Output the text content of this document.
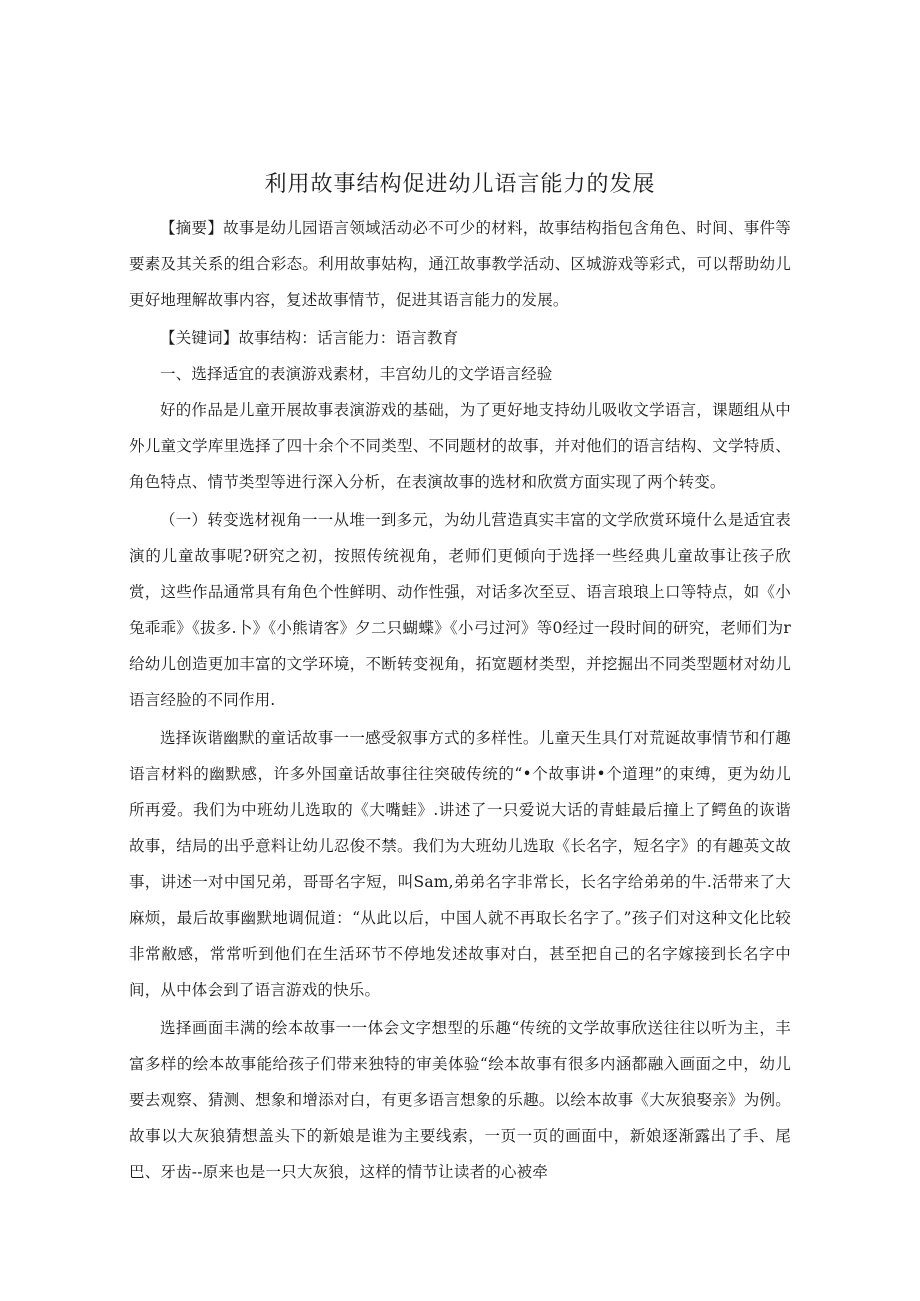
利用故事结构促进幼儿语言能力的发展

【摘要】故事是幼儿园语言领域活动必不可少的材料，故事结构指包含角色、时间、事件等要素及其关系的组合彩态。利用故事姑构，通江故事教学活动、区城游戏等彩式，可以帮助幼儿更好地理解故事内容，复述故事情节，促进其语言能力的发展。

【关键词】故事结构：话言能力：语言教育

一、选择适宜的表演游戏素材，丰宫幼儿的文学语言经验

好的作品是儿童开展故事表演游戏的基础，为了更好地支持幼儿吸收文学语言，课题组从中外儿童文学库里选择了四十余个不同类型、不同题材的故事，并对他们的语言结构、文学特质、角色特点、情节类型等进行深入分析，在表演故事的选材和欣赏方面实现了两个转变。

（一）转变选材视角一一从堆一到多元，为幼儿营造真实丰富的文学欣赏环境什么是适宜表演的儿童故事呢?研究之初，按照传统视角，老师们更倾向于选择一些经典儿童故事让孩子欣赏，这些作品通常具有角色个性鲜明、动作性强，对话多次至豆、语言琅琅上口等特点，如《小兔乖乖》《拔多.卜》《小熊请客》夕二只蝴蝶》《小弓过河》等0经过一段时间的研究，老师们为r给幼儿创造更加丰富的文学环境，不断转变视角，拓宽题材类型，并挖掘出不同类型题材对幼儿语言经脸的不同作用.

选择诙谐幽默的童话故事一一感受叙事方式的多样性。儿童天生具仃对荒诞故事情节和仃趣语言材料的幽默感，许多外国童话故事往往突破传统的“•个故事讲•个道理”的束缚，更为幼儿所再爱。我们为中班幼儿选取的《大嘴蛙》.讲述了一只爱说大话的青蛙最后撞上了鳄鱼的诙谐故事，结局的出乎意料让幼儿忍俊不禁。我们为大班幼儿选取《长名字，短名字》的有趣英文故事，讲述一对中国兄弟，哥哥名字短，叫Sam,弟弟名字非常长，长名字给弟弟的牛.活带来了大麻烦，最后故事幽默地调侃道：“从此以后，中国人就不再取长名字了。”孩子们对这种文化比较非常敝感，常常听到他们在生活环节不停地发述故事对白，甚至把自己的名字嫁接到长名字中间，从中体会到了语言游戏的快乐。

选择画面丰满的绘本故事一一体会文字想型的乐趣“传统的文学故事欣送往往以听为主，丰富多样的绘本故事能给孩子们带来独特的审美体验“绘本故事有很多内涵都融入画面之中，幼儿要去观察、猜测、想象和增添对白，有更多语言想象的乐趣。以绘本故事《大灰狼娶亲》为例。故事以大灰狼猜想盖头下的新娘是谁为主要线索，一页一页的画面中，新娘逐渐露出了手、尾巴、牙齿--原来也是一只大灰狼，这样的情节让读者的心被牵
